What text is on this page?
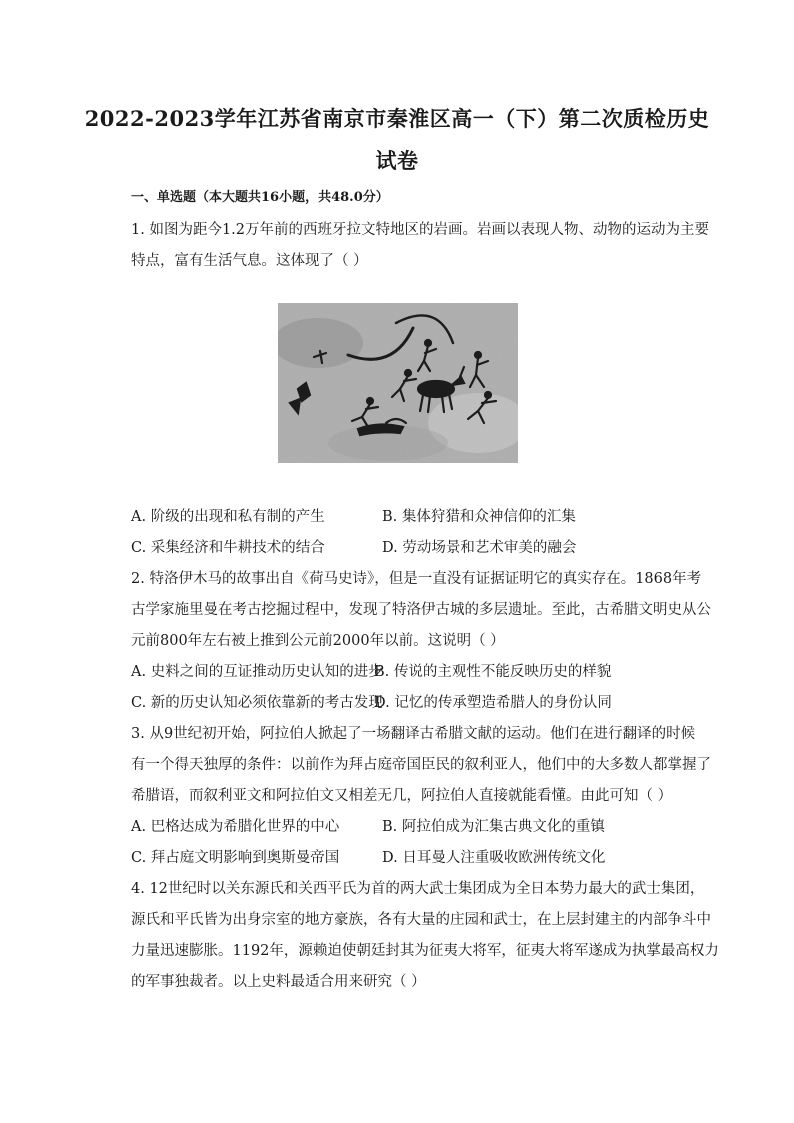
2022-2023学年江苏省南京市秦淮区高一（下）第二次质检历史
试卷
一、单选题（本大题共16小题，共48.0分）
1. 如图为距今1.2万年前的西班牙拉文特地区的岩画。岩画以表现人物、动物的运动为主要
特点，富有生活气息。这体现了（ ）
A. 阶级的出现和私有制的产生	B. 集体狩猎和众神信仰的汇集
C. 采集经济和牛耕技术的结合	D. 劳动场景和艺术审美的融会
2. 特洛伊木马的故事出自《荷马史诗》，但是一直没有证据证明它的真实存在。1868年考
古学家施里曼在考古挖掘过程中，发现了特洛伊古城的多层遗址。至此，古希腊文明史从公
元前800年左右被上推到公元前2000年以前。这说明（ ）
A. 史料之间的互证推动历史认知的进步
B. 传说的主观性不能反映历史的样貌
C. 新的历史认知必须依靠新的考古发现
D. 记忆的传承塑造希腊人的身份认同
3. 从9世纪初开始，阿拉伯人掀起了一场翻译古希腊文献的运动。他们在进行翻译的时候
有一个得天独厚的条件：以前作为拜占庭帝国臣民的叙利亚人，他们中的大多数人都掌握了
希腊语，而叙利亚文和阿拉伯文又相差无几，阿拉伯人直接就能看懂。由此可知（ ）
A. 巴格达成为希腊化世界的中心	B. 阿拉伯成为汇集古典文化的重镇
C. 拜占庭文明影响到奥斯曼帝国	D. 日耳曼人注重吸收欧洲传统文化
4. 12世纪时以关东源氏和关西平氏为首的两大武士集团成为全日本势力最大的武士集团，
源氏和平氏皆为出身宗室的地方豪族，各有大量的庄园和武士，在上层封建主的内部争斗中
力量迅速膨胀。1192年，源赖迫使朝廷封其为征夷大将军，征夷大将军遂成为执掌最高权力
的军事独裁者。以上史料最适合用来研究（ ）
